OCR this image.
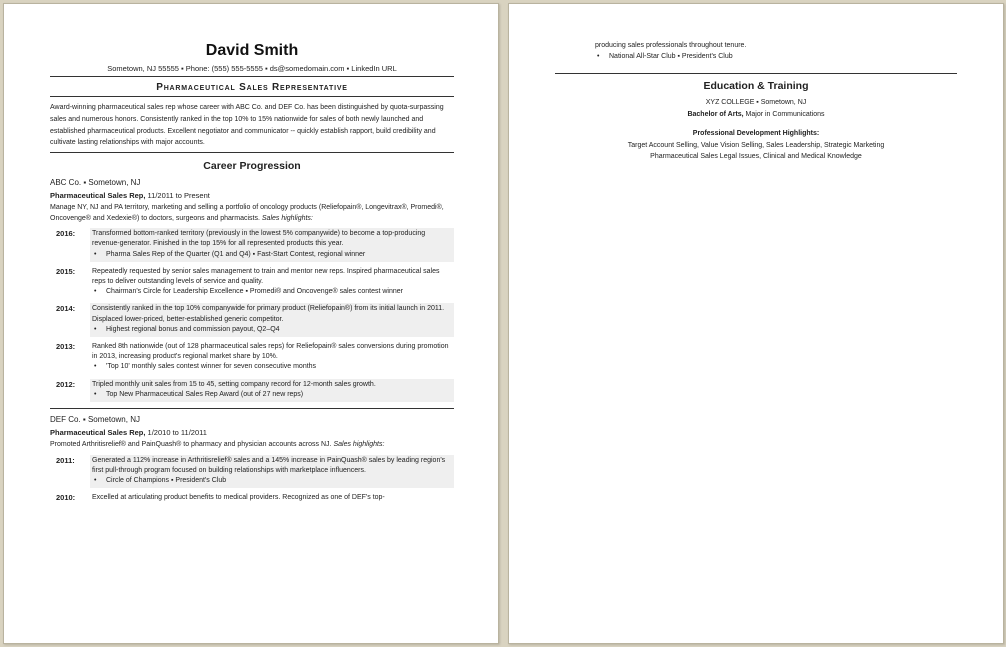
David Smith
Sometown, NJ 55555 ▪ Phone: (555) 555-5555 ▪ ds@somedomain.com ▪ LinkedIn URL
Pharmaceutical Sales Representative
Award-winning pharmaceutical sales rep whose career with ABC Co. and DEF Co. has been distinguished by quota-surpassing sales and numerous honors. Consistently ranked in the top 10% to 15% nationwide for sales of both newly launched and established pharmaceutical products. Excellent negotiator and communicator -- quickly establish rapport, build credibility and cultivate lasting relationships with major accounts.
Career Progression
ABC Co. ▪ Sometown, NJ
Pharmaceutical Sales Rep, 11/2011 to Present
Manage NY, NJ and PA territory, marketing and selling a portfolio of oncology products (Reliefopain®, Longevitrax®, Promedi®, Oncovenge® and Xedexie®) to doctors, surgeons and pharmacists. Sales highlights:
2016:	Transformed bottom-ranked territory (previously in the lowest 5% companywide) to become a top-producing revenue-generator. Finished in the top 15% for all represented products this year.
• Pharma Sales Rep of the Quarter (Q1 and Q4) ▪ Fast-Start Contest, regional winner
2015:	Repeatedly requested by senior sales management to train and mentor new reps. Inspired pharmaceutical sales reps to deliver outstanding levels of service and quality.
• Chairman's Circle for Leadership Excellence ▪ Promedi® and Oncovenge® sales contest winner
2014:	Consistently ranked in the top 10% companywide for primary product (Reliefopain®) from its initial launch in 2011. Displaced lower-priced, better-established generic competitor.
• Highest regional bonus and commission payout, Q2–Q4
2013:	Ranked 8th nationwide (out of 128 pharmaceutical sales reps) for Reliefopain® sales conversions during promotion in 2013, increasing product's regional market share by 10%.
• 'Top 10' monthly sales contest winner for seven consecutive months
2012:	Tripled monthly unit sales from 15 to 45, setting company record for 12-month sales growth.
• Top New Pharmaceutical Sales Rep Award (out of 27 new reps)
DEF Co. ▪ Sometown, NJ
Pharmaceutical Sales Rep, 1/2010 to 11/2011
Promoted Arthritisrelief® and PainQuash® to pharmacy and physician accounts across NJ. Sales highlights:
2011:	Generated a 112% increase in Arthritisrelief® sales and a 145% increase in PainQuash® sales by leading region's first pull-through program focused on building relationships with marketplace influencers.
• Circle of Champions ▪ President's Club
2010:	Excelled at articulating product benefits to medical providers. Recognized as one of DEF's top-
producing sales professionals throughout tenure.
• National All-Star Club ▪ President's Club
Education & Training
XYZ COLLEGE ▪ Sometown, NJ
Bachelor of Arts, Major in Communications
Professional Development Highlights:
Target Account Selling, Value Vision Selling, Sales Leadership, Strategic Marketing
Pharmaceutical Sales Legal Issues, Clinical and Medical Knowledge
